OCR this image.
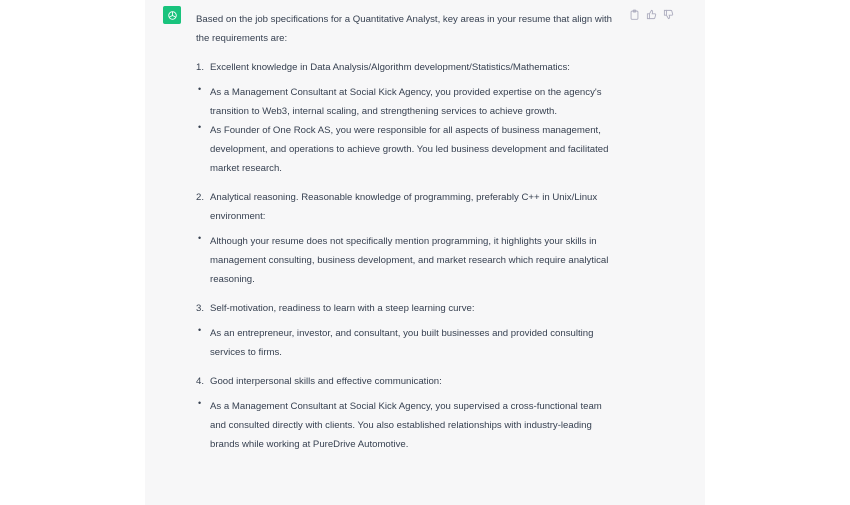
Based on the job specifications for a Quantitative Analyst, key areas in your resume that align with the requirements are:

1. Excellent knowledge in Data Analysis/Algorithm development/Statistics/Mathematics:
• As a Management Consultant at Social Kick Agency, you provided expertise on the agency's transition to Web3, internal scaling, and strengthening services to achieve growth.
• As Founder of One Rock AS, you were responsible for all aspects of business management, development, and operations to achieve growth. You led business development and facilitated market research.
2. Analytical reasoning. Reasonable knowledge of programming, preferably C++ in Unix/Linux environment:
• Although your resume does not specifically mention programming, it highlights your skills in management consulting, business development, and market research which require analytical reasoning.
3. Self-motivation, readiness to learn with a steep learning curve:
• As an entrepreneur, investor, and consultant, you built businesses and provided consulting services to firms.
4. Good interpersonal skills and effective communication:
• As a Management Consultant at Social Kick Agency, you supervised a cross-functional team and consulted directly with clients. You also established relationships with industry-leading brands while working at PureDrive Automotive.
